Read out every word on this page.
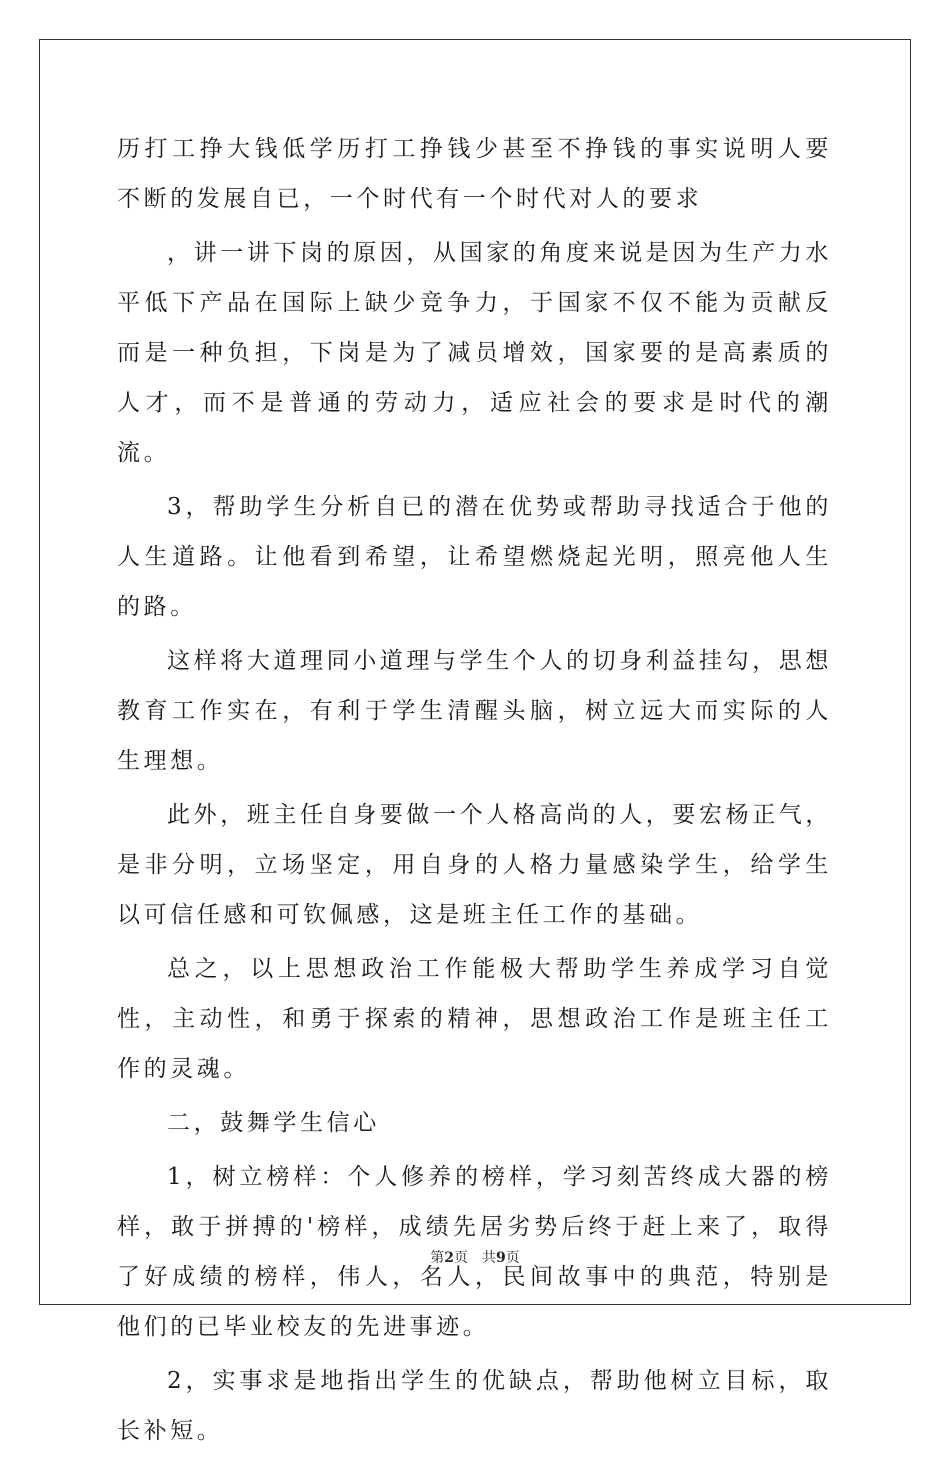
历打工挣大钱低学历打工挣钱少甚至不挣钱的事实说明人要不断的发展自已，一个时代有一个时代对人的要求

，讲一讲下岗的原因，从国家的角度来说是因为生产力水平低下产品在国际上缺少竞争力，于国家不仅不能为贡献反而是一种负担，下岗是为了减员增效，国家要的是高素质的人才，而不是普通的劳动力，适应社会的要求是时代的潮流。

3，帮助学生分析自已的潜在优势或帮助寻找适合于他的人生道路。让他看到希望，让希望燃烧起光明，照亮他人生的路。

这样将大道理同小道理与学生个人的切身利益挂勾，思想教育工作实在，有利于学生清醒头脑，树立远大而实际的人生理想。

此外，班主任自身要做一个人格高尚的人，要宏杨正气，是非分明，立场坚定，用自身的人格力量感染学生，给学生以可信任感和可钦佩感，这是班主任工作的基础。

总之，以上思想政治工作能极大帮助学生养成学习自觉性，主动性，和勇于探索的精神，思想政治工作是班主任工作的灵魂。

二，鼓舞学生信心

1，树立榜样：个人修养的榜样，学习刻苦终成大器的榜样，敢于拼搏的'榜样，成绩先居劣势后终于赶上来了，取得了好成绩的榜样，伟人，名人，民间故事中的典范，特别是他们的已毕业校友的先进事迹。

2，实事求是地指出学生的优缺点，帮助他树立目标，取长补短。

第2页 共9页
